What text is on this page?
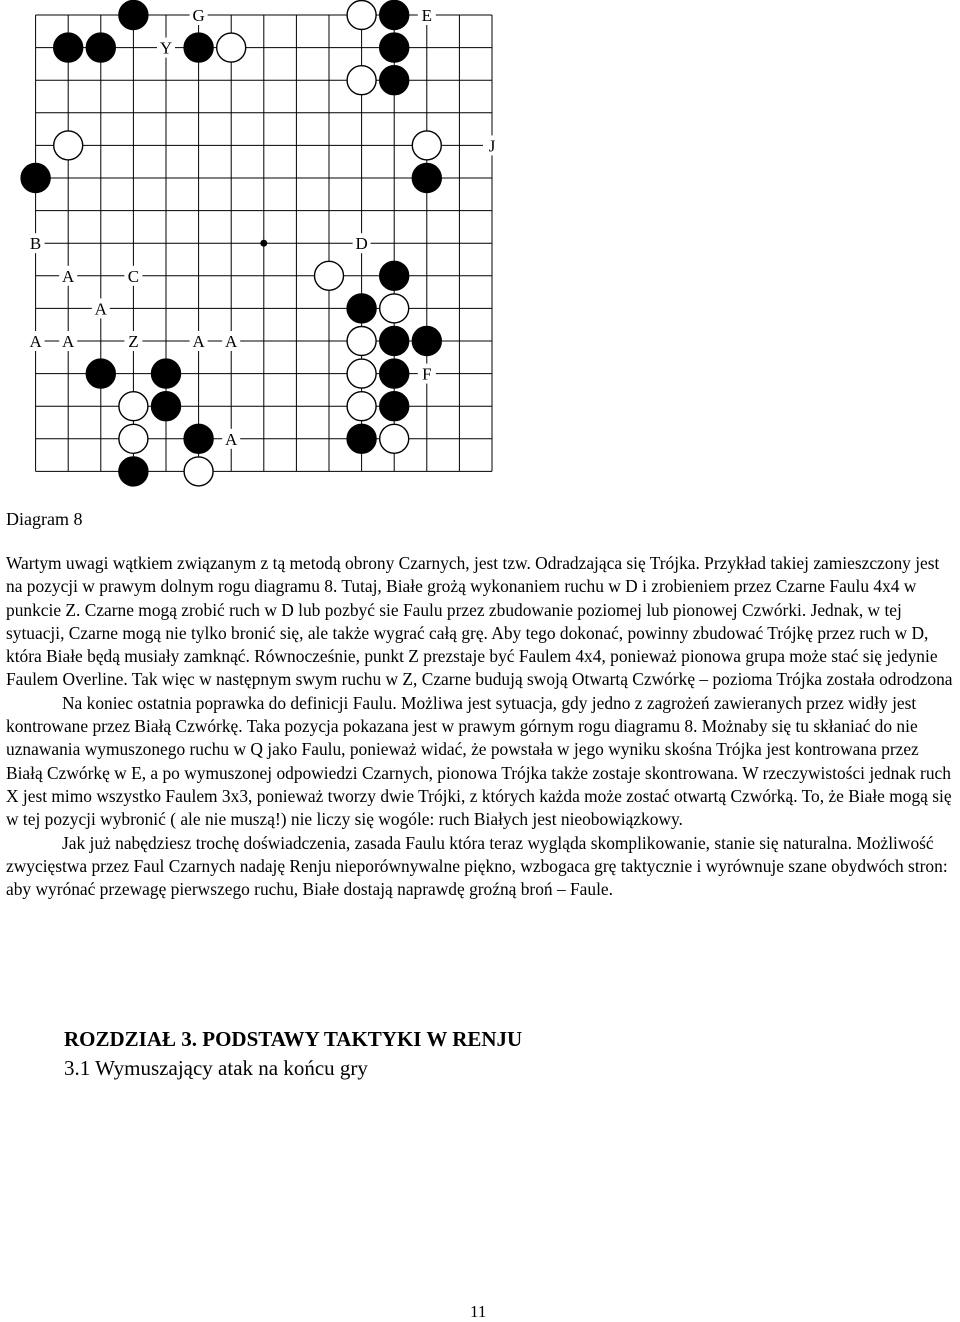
G	E
Y
J
B	D
A	C
A
A A	Z	A A
F
A
Diagram 8

Wartym uwagi wątkiem związanym z tą metodą obrony Czarnych, jest tzw. Odradzająca się Trójka. Przykład takiej zamieszczony jest na pozycji w prawym dolnym rogu diagramu 8. Tutaj, Białe grożą wykonaniem ruchu w D i zrobieniem przez Czarne Faulu 4x4 w punkcie Z. Czarne mogą zrobić ruch w D lub pozbyć sie Faulu przez zbudowanie poziomej lub pionowej Czwórki. Jednak, w tej sytuacji, Czarne mogą nie tylko bronić się, ale także wygrać całą grę. Aby tego dokonać, powinny zbudować Trójkę przez ruch w D, która Białe będą musiały zamknąć. Równocześnie, punkt Z prezstaje być Faulem 4x4, ponieważ pionowa grupa może stać się jedynie Faulem Overline. Tak więc w następnym swym ruchu w Z, Czarne budują swoją Otwartą Czwórkę – pozioma Trójka została odrodzona

Na koniec ostatnia poprawka do definicji Faulu. Możliwa jest sytuacja, gdy jedno z zagrożeń zawieranych przez widły jest kontrowane przez Białą Czwórkę. Taka pozycja pokazana jest w prawym górnym rogu diagramu 8. Możnaby się tu skłaniać do nie uznawania wymuszonego ruchu w Q jako Faulu, ponieważ widać, że powstała w jego wyniku skośna Trójka jest kontrowana przez Białą Czwórkę w E, a po wymuszonej odpowiedzi Czarnych, pionowa Trójka także zostaje skontrowana. W rzeczywistości jednak ruch X jest mimo wszystko Faulem 3x3, ponieważ tworzy dwie Trójki, z których każda może zostać otwartą Czwórką. To, że Białe mogą się w tej pozycji wybronić ( ale nie muszą!) nie liczy się wogóle: ruch Białych jest nieobowiązkowy.

Jak już nabędziesz trochę doświadczenia, zasada Faulu która teraz wygląda skomplikowanie, stanie się naturalna. Możliwość zwycięstwa przez Faul Czarnych nadaję Renju nieporównywalne piękno, wzbogaca grę taktycznie i wyrównuje szane obydwóch stron: aby wyrónać przewagę pierwszego ruchu, Białe dostają naprawdę groźną broń – Faule.

ROZDZIAŁ 3. PODSTAWY TAKTYKI W RENJU
3.1 Wymuszający atak na końcu gry
11
